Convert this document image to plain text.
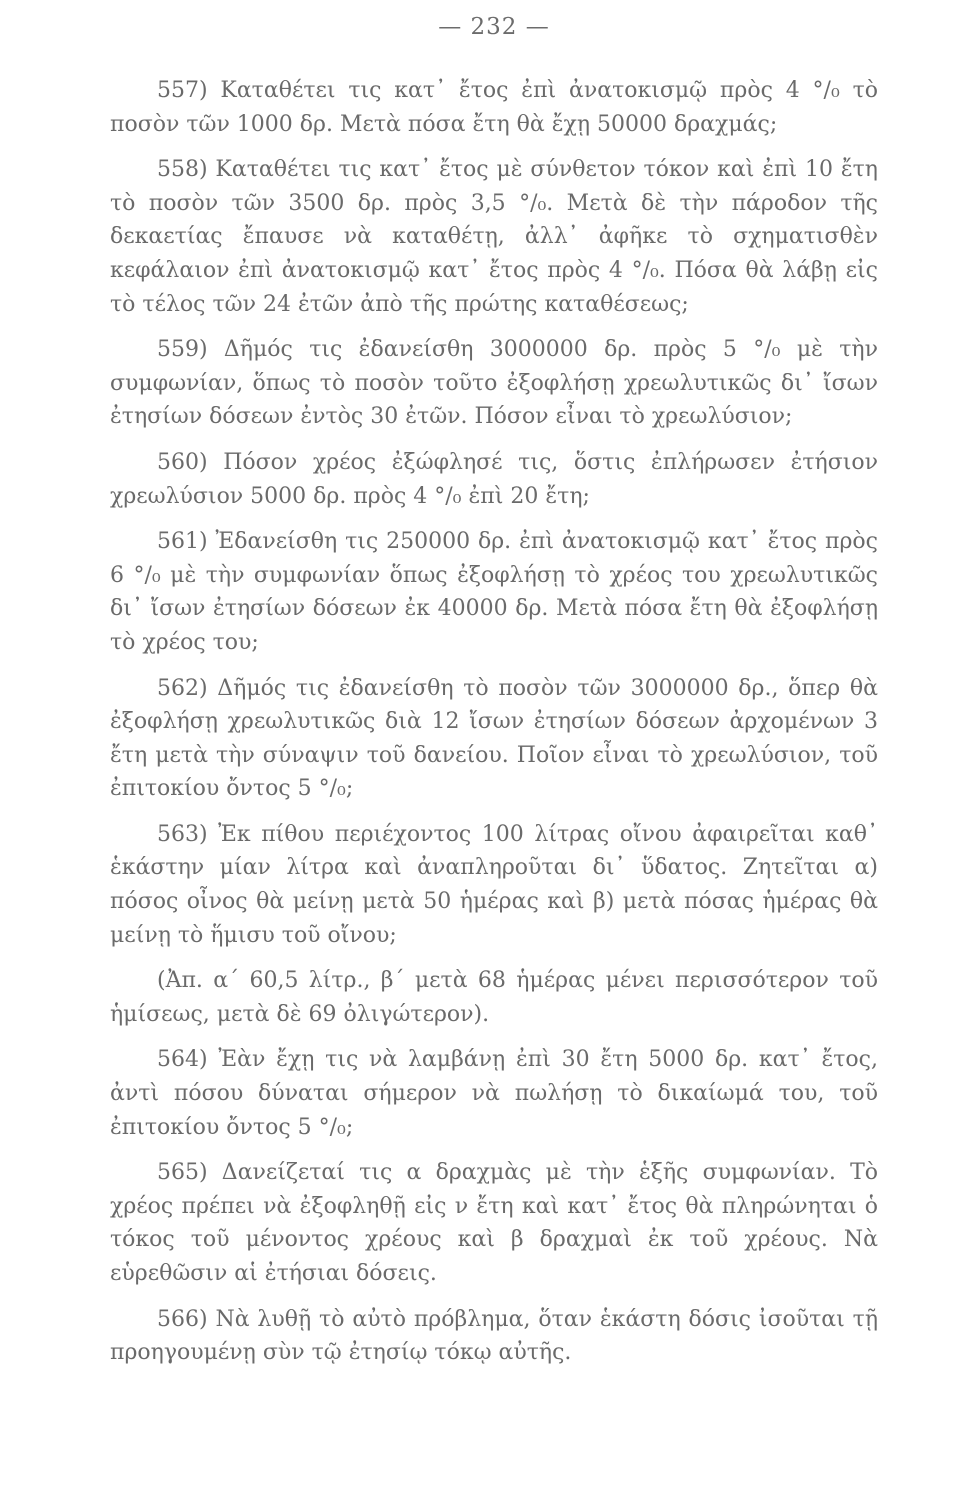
— 232 —

557) Καταθέτει τις κατ᾽ ἔτος ἐπὶ ἀνατοκισμῷ πρὸς 4 °/₀ τὸ ποσὸν τῶν 1000 δρ. Μετὰ πόσα ἔτη θὰ ἔχῃ 50000 δραχμάς;

558) Καταθέτει τις κατ᾽ ἔτος μὲ σύνθετον τόκον καὶ ἐπὶ 10 ἔτη τὸ ποσὸν τῶν 3500 δρ. πρὸς 3,5 °/₀. Μετὰ δὲ τὴν πάροδον τῆς δεκαετίας ἔπαυσε νὰ καταθέτῃ, ἀλλ᾽ ἀφῆκε τὸ σχηματισθὲν κεφάλαιον ἐπὶ ἀνατοκισμῷ κατ᾽ ἔτος πρὸς 4 °/₀. Πόσα θὰ λάβῃ εἰς τὸ τέλος τῶν 24 ἐτῶν ἀπὸ τῆς πρώτης καταθέσεως;

559) Δῆμός τις ἐδανείσθη 3000000 δρ. πρὸς 5 °/₀ μὲ τὴν συμφωνίαν, ὅπως τὸ ποσὸν τοῦτο ἐξοφλήσῃ χρεωλυτικῶς δι᾽ ἴσων ἐτησίων δόσεων ἐντὸς 30 ἐτῶν. Πόσον εἶναι τὸ χρεωλύσιον;

560) Πόσον χρέος ἐξώφλησέ τις, ὅστις ἐπλήρωσεν ἐτήσιον χρεωλύσιον 5000 δρ. πρὸς 4 °/₀ ἐπὶ 20 ἔτη;

561) Ἐδανείσθη τις 250000 δρ. ἐπὶ ἀνατοκισμῷ κατ᾽ ἔτος πρὸς 6 °/₀ μὲ τὴν συμφωνίαν ὅπως ἐξοφλήσῃ τὸ χρέος του χρεωλυτικῶς δι᾽ ἴσων ἐτησίων δόσεων ἐκ 40000 δρ. Μετὰ πόσα ἔτη θὰ ἐξοφλήσῃ τὸ χρέος του;

562) Δῆμός τις ἐδανείσθη τὸ ποσὸν τῶν 3000000 δρ., ὅπερ θὰ ἐξοφλήσῃ χρεωλυτικῶς διὰ 12 ἴσων ἐτησίων δόσεων ἀρχομένων 3 ἔτη μετὰ τὴν σύναψιν τοῦ δανείου. Ποῖον εἶναι τὸ χρεωλύσιον, τοῦ ἐπιτοκίου ὄντος 5 °/₀;

563) Ἐκ πίθου περιέχοντος 100 λίτρας οἴνου ἀφαιρεῖται καθ᾽ ἑκάστην μίαν λίτρα καὶ ἀναπληροῦται δι᾽ ὕδατος. Ζητεῖται α) πόσος οἶνος θὰ μείνῃ μετὰ 50 ἡμέρας καὶ β) μετὰ πόσας ἡμέρας θὰ μείνῃ τὸ ἥμισυ τοῦ οἴνου;

(Ἀπ. α΄ 60,5 λίτρ., β΄ μετὰ 68 ἡμέρας μένει περισσότερον τοῦ ἡμίσεως, μετὰ δὲ 69 ὀλιγώτερον).

564) Ἐὰν ἔχῃ τις νὰ λαμβάνῃ ἐπὶ 30 ἔτη 5000 δρ. κατ᾽ ἔτος, ἀντὶ πόσου δύναται σήμερον νὰ πωλήσῃ τὸ δικαίωμά του, τοῦ ἐπιτοκίου ὄντος 5 °/₀;

565) Δανείζεταί τις α δραχμὰς μὲ τὴν ἑξῆς συμφωνίαν. Τὸ χρέος πρέπει νὰ ἐξοφληθῇ εἰς ν ἔτη καὶ κατ᾽ ἔτος θὰ πληρώνηται ὁ τόκος τοῦ μένοντος χρέους καὶ β δραχμαὶ ἐκ τοῦ χρέους. Νὰ εὑρεθῶσιν αἱ ἐτήσιαι δόσεις.

566) Νὰ λυθῇ τὸ αὐτὸ πρόβλημα, ὅταν ἑκάστη δόσις ἰσοῦται τῇ προηγουμένῃ σὺν τῷ ἐτησίῳ τόκῳ αὐτῆς.
